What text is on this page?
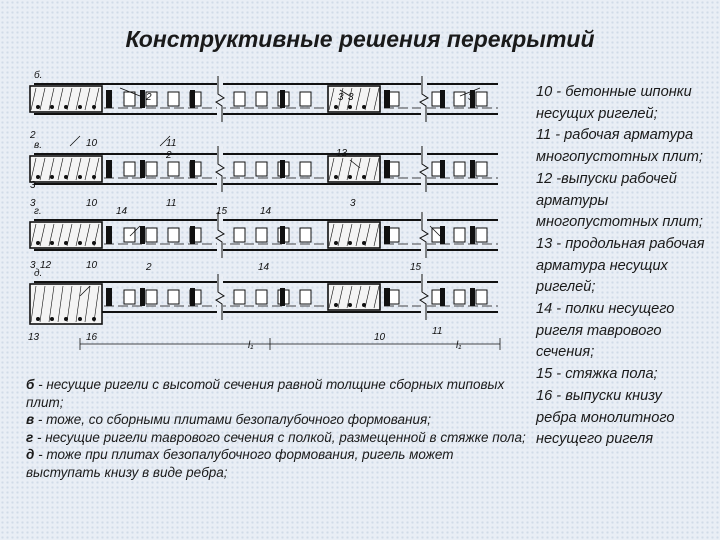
Конструктивные решения перекрытий
б.
в.
г.
д.
2	3	3
2
3
10	11
2	13
3
10	11
3	3
14	15	14
3 12	10	2	14	15
13	16	10
11
l₁	l₁

б - несущие ригели с высотой сечения равной толщине сборных типовых плит;

в - тоже, со сборными плитами безопалубочного формования;

г - несущие ригели таврового сечения с полкой, размещенной в стяжке пола;

д - тоже при плитах безопалубочного формования, ригель может выступать книзу в виде ребра;

10 - бетонные шпонки несущих ригелей;

11 - рабочая арматура многопустотных плит;

12 -выпуски рабочей арматуры многопустотных плит;

13 - продольная рабочая арматура несущих ригелей;

14 - полки несущего ригеля таврового сечения;

15 - стяжка пола;

16 - выпуски книзу ребра монолитного несущего ригеля
